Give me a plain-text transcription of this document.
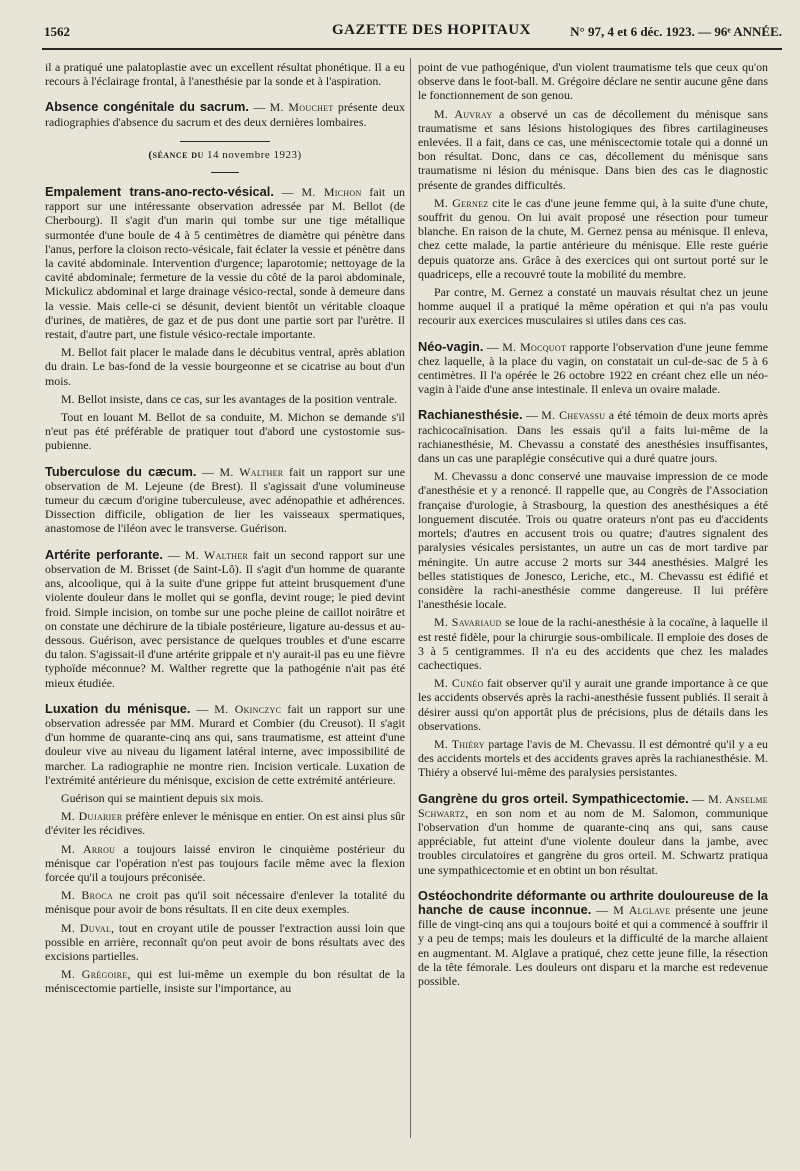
1562	GAZETTE DES HOPITAUX	N° 97, 4 et 6 déc. 1923. — 96ᵉ ANNÉE.

il a pratiqué une palatoplastie avec un excellent résultat phonétique. Il a eu recours à l'éclairage frontal, à l'anesthésie par la sonde et à l'aspiration.

Absence congénitale du sacrum. — M. Mouchet présente deux radiographies d'absence du sacrum et des deux dernières lombaires.

(séance du 14 novembre 1923)

Empalement trans-ano-recto-vésical. — M. Michon fait un rapport sur une intéressante observation adressée par M. Bellot (de Cherbourg). Il s'agit d'un marin qui tombe sur une tige métallique surmontée d'une boule de 4 à 5 centimètres de diamètre qui pénètre dans l'anus, perfore la cloison recto-vésicale, fait éclater la vessie et pénètre dans la cavité abdominale. Intervention d'urgence; laparotomie; nettoyage de la cavité abdominale; fermeture de la vessie du côté de la paroi abdominale, Mickulicz abdominal et large drainage vésico-rectal, sonde à demeure dans la vessie. Mais celle-ci se désunit, devient bientôt un véritable cloaque d'urines, de matières, de gaz et de pus dont une partie sort par l'urètre. Il restait, d'autre part, une fistule vésico-rectale importante.

M. Bellot fait placer le malade dans le décubitus ventral, après ablation du drain. Le bas-fond de la vessie bourgeonne et se cicatrise au bout d'un mois.

M. Bellot insiste, dans ce cas, sur les avantages de la position ventrale.

Tout en louant M. Bellot de sa conduite, M. Michon se demande s'il n'eut pas été préférable de pratiquer tout d'abord une cystostomie sus-pubienne.

Tuberculose du cæcum. — M. Walther fait un rapport sur une observation de M. Lejeune (de Brest). Il s'agissait d'une volumineuse tumeur du cæcum d'origine tuberculeuse, avec adénopathie et adhérences. Dissection difficile, obligation de lier les vaisseaux spermatiques, anastomose de l'iléon avec le transverse. Guérison.

Artérite perforante. — M. Walther fait un second rapport sur une observation de M. Brisset (de Saint-Lô). Il s'agit d'un homme de quarante ans, alcoolique, qui à la suite d'une grippe fut atteint brusquement d'une violente douleur dans le mollet qui se gonfla, devint rouge; le pied devint froid. Simple incision, on tombe sur une poche pleine de caillot noirâtre et on constate une déchirure de la tibiale postérieure, ligature au-dessus et au-dessous. Guérison, avec persistance de quelques troubles et d'une escarre du talon. S'agissait-il d'une artérite grippale et n'y aurait-il pas eu une fièvre typhoïde méconnue? M. Walther regrette que la pathogénie n'ait pas été mieux étudiée.

Luxation du ménisque. — M. Okinczyc fait un rapport sur une observation adressée par MM. Murard et Combier (du Creusot). Il s'agit d'un homme de quarante-cinq ans qui, sans traumatisme, est atteint d'une douleur vive au niveau du ligament latéral interne, avec impossibilité de marcher. La radiographie ne montre rien. Incision verticale. Luxation de l'extrémité antérieure du ménisque, excision de cette extrémité antérieure.

Guérison qui se maintient depuis six mois.

M. Dujarier préfère enlever le ménisque en entier. On est ainsi plus sûr d'éviter les récidives.

M. Arrou a toujours laissé environ le cinquième postérieur du ménisque car l'opération n'est pas toujours facile même avec la flexion forcée qu'il a toujours préconisée.

M. Broca ne croit pas qu'il soit nécessaire d'enlever la totalité du ménisque pour avoir de bons résultats. Il en cite deux exemples.

M. Duval, tout en croyant utile de pousser l'extraction aussi loin que possible en arrière, reconnaît qu'on peut avoir de bons résultats avec des excisions partielles.

M. Grégoire, qui est lui-même un exemple du bon résultat de la méniscectomie partielle, insiste sur l'importance, au

point de vue pathogénique, d'un violent traumatisme tels que ceux qu'on observe dans le foot-ball. M. Grégoire déclare ne sentir aucune gêne dans le fonctionnement de son genou.

M. Auvray a observé un cas de décollement du ménisque sans traumatisme et sans lésions histologiques des fibres cartilagineuses enlevées. Il a fait, dans ce cas, une méniscectomie totale qui a donné un bon résultat. Donc, dans ce cas, décollement du ménisque sans traumatisme ni lésion du ménisque. Dans bien des cas le diagnostic présente de grandes difficultés.

M. Gernez cite le cas d'une jeune femme qui, à la suite d'une chute, souffrit du genou. On lui avait proposé une résection pour tumeur blanche. En raison de la chute, M. Gernez pensa au ménisque. Il enleva, chez cette malade, la partie antérieure du ménisque. Elle reste guérie depuis quatorze ans. Grâce à des exercices qui ont surtout porté sur le quadriceps, elle a recouvré toute la mobilité du membre.

Par contre, M. Gernez a constaté un mauvais résultat chez un jeune homme auquel il a pratiqué la même opération et qui n'a pas voulu recourir aux exercices musculaires si utiles dans ces cas.

Néo-vagin. — M. Mocquot rapporte l'observation d'une jeune femme chez laquelle, à la place du vagin, on constatait un cul-de-sac de 5 à 6 centimètres. Il l'a opérée le 26 octobre 1922 en créant chez elle un néo-vagin à l'aide d'une anse intestinale. Il enleva un ovaire malade.

Rachianesthésie. — M. Chevassu a été témoin de deux morts après rachicocaïnisation. Dans les essais qu'il a faits lui-même de la rachianesthésie, M. Chevassu a constaté des anesthésies insuffisantes, dans un cas une paraplégie consécutive qui a duré quatre jours.

M. Chevassu a donc conservé une mauvaise impression de ce mode d'anesthésie et y a renoncé. Il rappelle que, au Congrès de l'Association française d'urologie, à Strasbourg, la question des anesthésiques a été longuement discutée. Trois ou quatre orateurs n'ont pas eu d'accidents mortels; d'autres en accusent trois ou quatre; d'autres signalent des paralysies vésicales persistantes, un autre un cas de mort tardive par méningite. Un autre accuse 2 morts sur 344 anesthésies. Malgré les belles statistiques de Jonesco, Leriche, etc., M. Chevassu est édifié et considère la rachi-anesthésie comme dangereuse. Il lui préfère l'anesthésie locale.

M. Savariaud se loue de la rachi-anesthésie à la cocaïne, à laquelle il est resté fidèle, pour la chirurgie sous-ombilicale. Il emploie des doses de 3 à 5 centigrammes. Il n'a eu des accidents que chez les malades cachectiques.

M. Cunéo fait observer qu'il y aurait une grande importance à ce que les accidents observés après la rachi-anesthésie fussent publiés. Il serait à désirer aussi qu'on apportât plus de précisions, plus de détails dans les observations.

M. Thiéry partage l'avis de M. Chevassu. Il est démontré qu'il y a eu des accidents mortels et des accidents graves après la rachianesthésie. M. Thiéry a observé lui-même des paralysies persistantes.

Gangrène du gros orteil. Sympathicectomie. — M. Anselme Schwartz, en son nom et au nom de M. Salomon, communique l'observation d'un homme de quarante-cinq ans qui, sans cause appréciable, fut atteint d'une violente douleur dans la jambe, avec troubles circulatoires et gangrène du gros orteil. M. Schwartz pratiqua une sympathicectomie et en obtint un bon résultat.

Ostéochondrite déformante ou arthrite douloureuse de la hanche de cause inconnue. — M Alglave présente une jeune fille de vingt-cinq ans qui a toujours boité et qui a commencé à souffrir il y a peu de temps; mais les douleurs et la difficulté de la marche allaient en augmentant. M. Alglave a pratiqué, chez cette jeune fille, la résection de la tête fémorale. Les douleurs ont disparu et la marche est redevenue possible.
